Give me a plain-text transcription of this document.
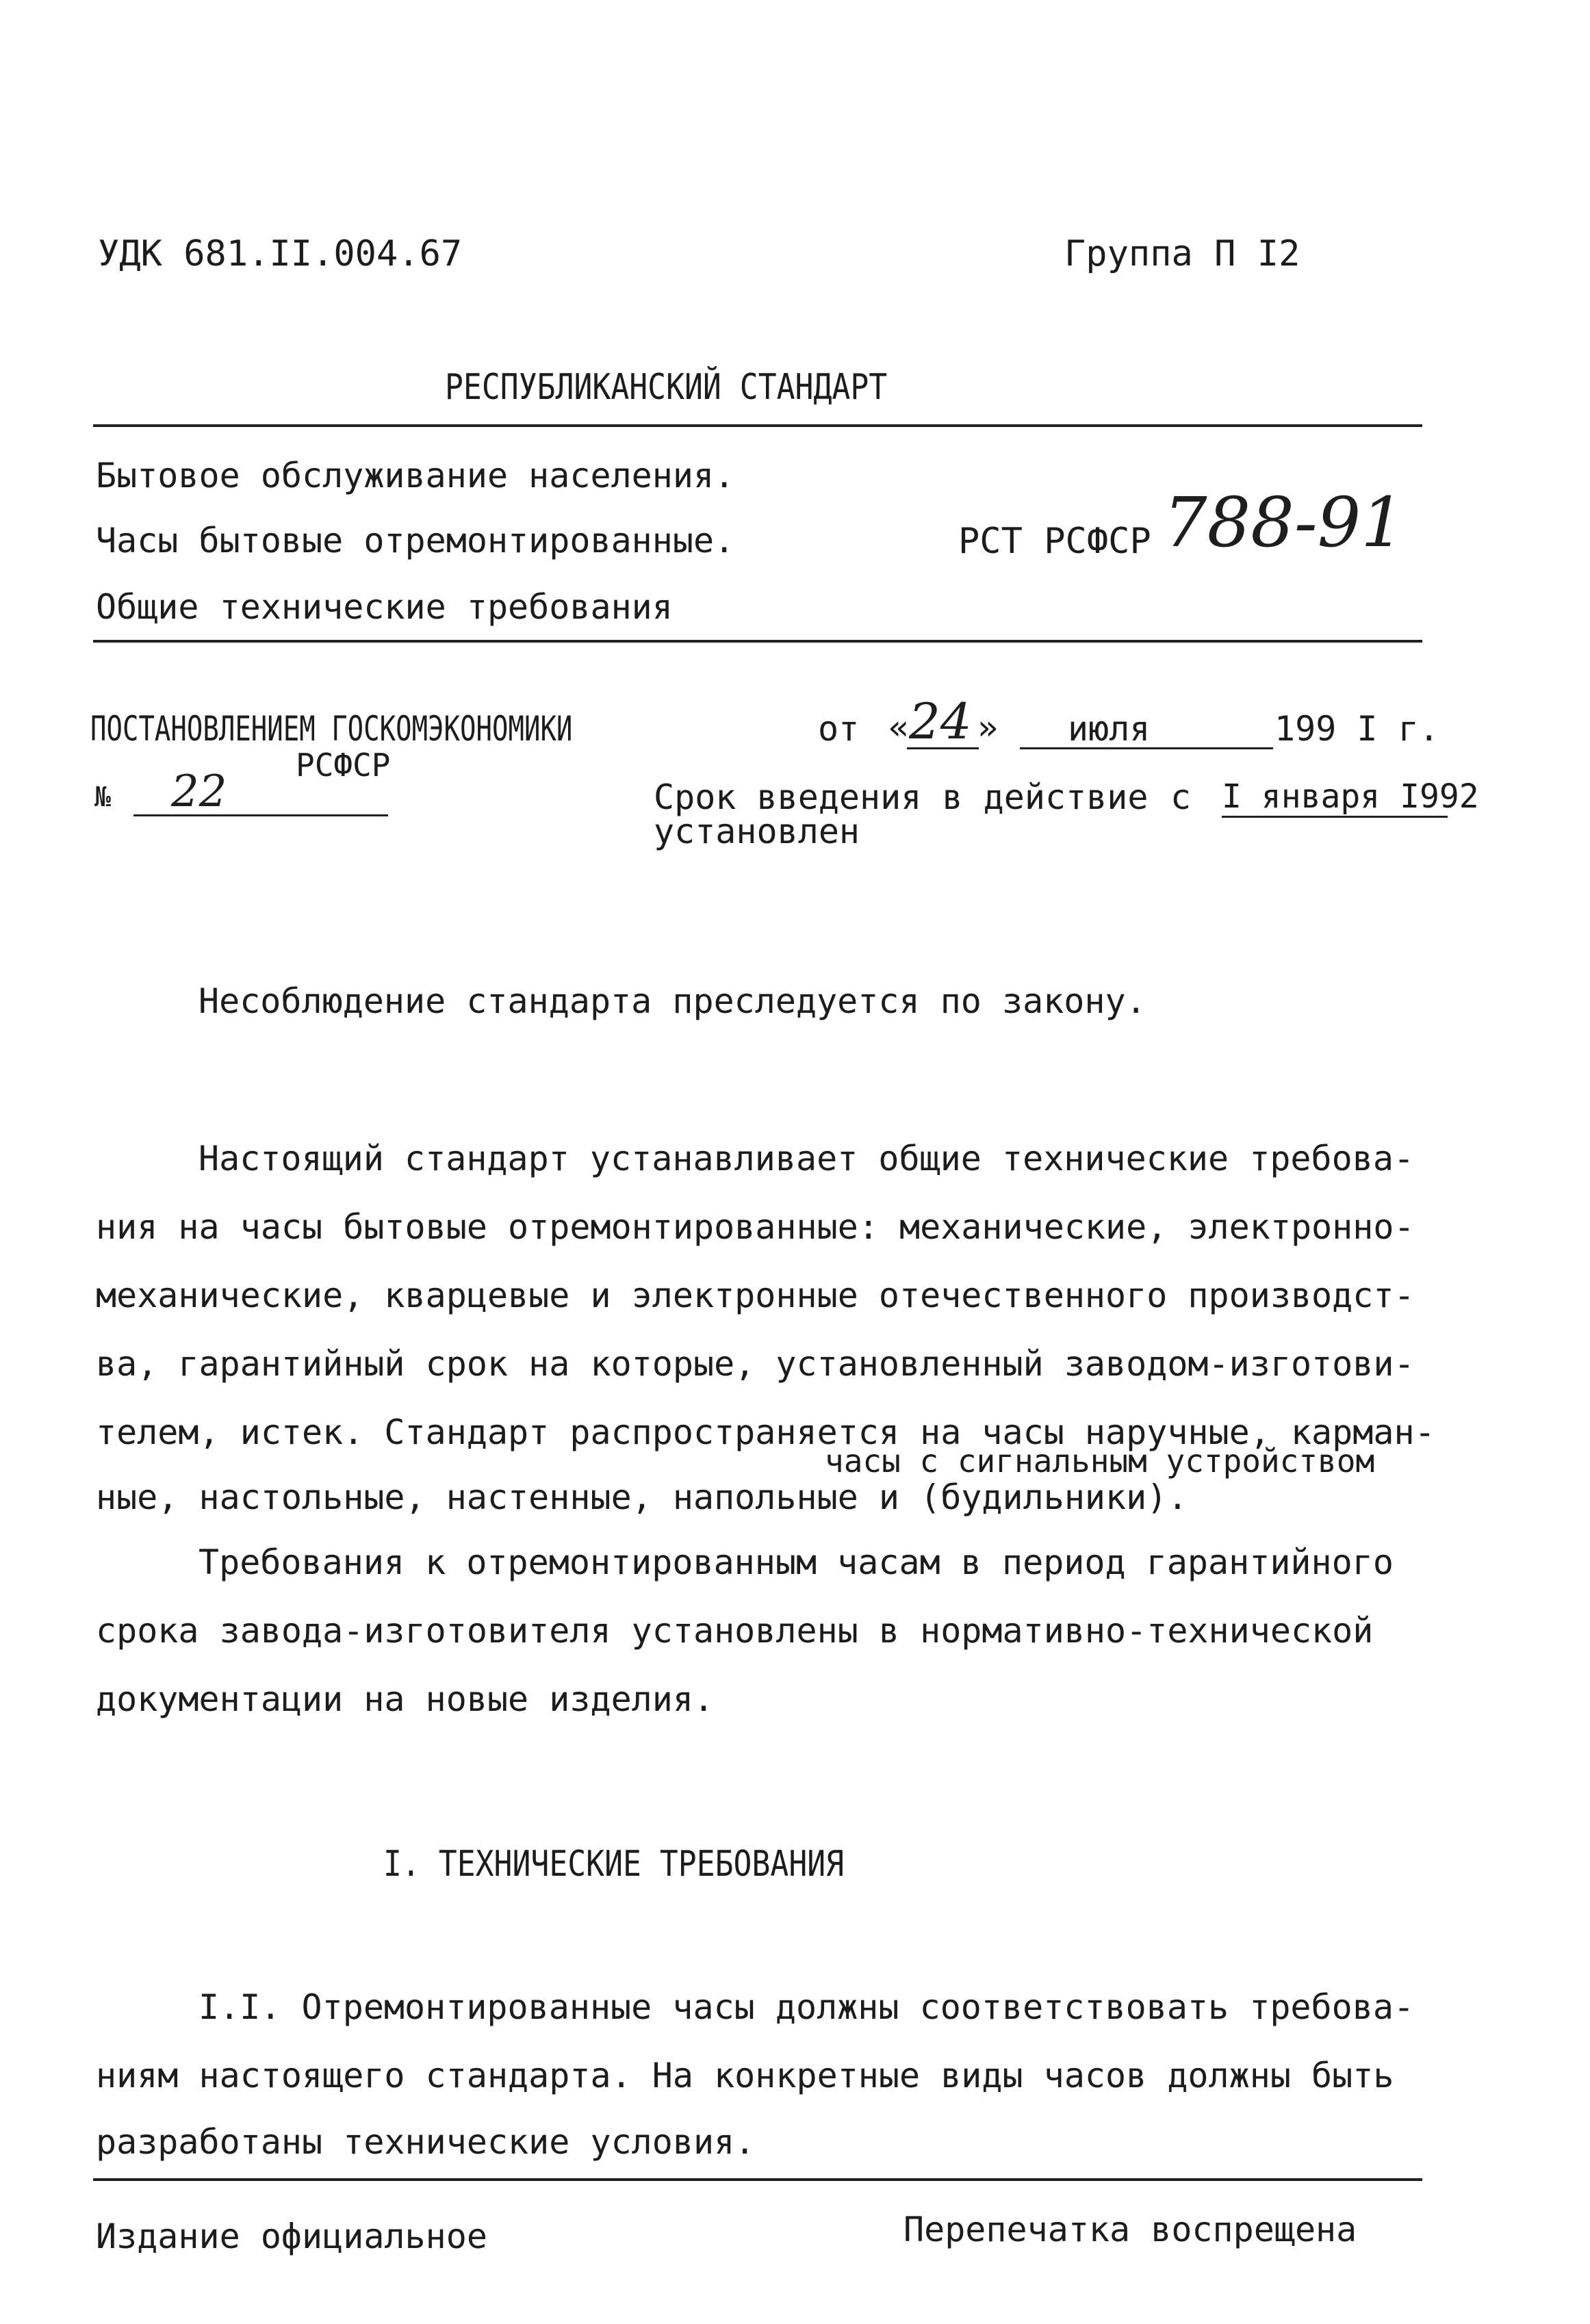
УДК 681.II.004.67	Группа П I2
РЕСПУБЛИКАНСКИЙ СТАНДАРТ
Бытовое обслуживание населения.
Часы бытовые отремонтированные.
Общие технические требования
РСТ РСФСР 788-91
ПОСТАНОВЛЕНИЕМ ГОСКОМЭКОНОМИКИ
РСФСР
№ 22
от « 24 » июля	199 I г.
Срок введения в действие с I января I992
установлен
Несоблюдение стандарта преследуется по закону.
Настоящий стандарт устанавливает общие технические требова-
ния на часы бытовые отремонтированные: механические, электронно-
механические, кварцевые и электронные отечественного производст-
ва, гарантийный срок на которые, установленный заводом-изготови-
телем, истек. Стандарт распространяется на часы наручные, карман-
часы с сигнальным устройством
ные, настольные, настенные, напольные и (будильники).
Требования к отремонтированным часам в период гарантийного
срока завода-изготовителя установлены в нормативно-технической
документации на новые изделия.
I. ТЕХНИЧЕСКИЕ ТРЕБОВАНИЯ
I.I. Отремонтированные часы должны соответствовать требова-
ниям настоящего стандарта. На конкретные виды часов должны быть
разработаны технические условия.
Издание официальное	Перепечатка воспрещена
